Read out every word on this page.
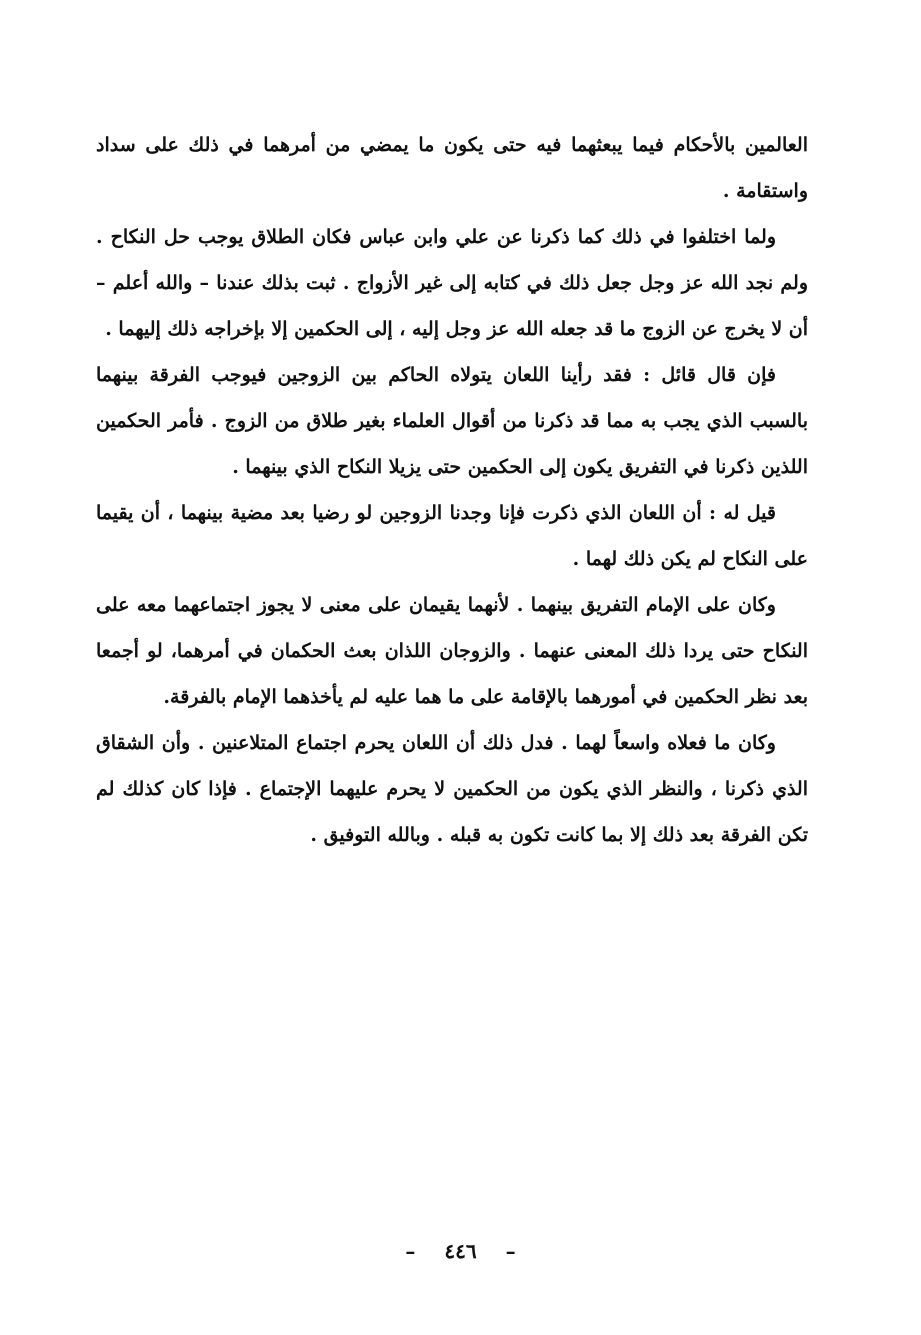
العالمين بالأحكام فيما يبعثهما فيه حتى يكون ما يمضي من أمرهما في ذلك على سداد واستقامة .

ولما اختلفوا في ذلك كما ذكرنا عن علي وابن عباس فكان الطلاق يوجب حل النكاح . ولم نجد الله عز وجل جعل ذلك في كتابه إلى غير الأزواج . ثبت بذلك عندنا – والله أعلم – أن لا يخرج عن الزوج ما قد جعله الله عز وجل إليه ، إلى الحكمين إلا بإخراجه ذلك إليهما .

فإن قال قائل : فقد رأينا اللعان يتولاه الحاكم بين الزوجين فيوجب الفرقة بينهما بالسبب الذي يجب به مما قد ذكرنا من أقوال العلماء بغير طلاق من الزوج . فأمر الحكمين اللذين ذكرنا في التفريق يكون إلى الحكمين حتى يزيلا النكاح الذي بينهما .

قيل له : أن اللعان الذي ذكرت فإنا وجدنا الزوجين لو رضيا بعد مضية بينهما ، أن يقيما على النكاح لم يكن ذلك لهما .

وكان على الإمام التفريق بينهما . لأنهما يقيمان على معنى لا يجوز اجتماعهما معه على النكاح حتى يردا ذلك المعنى عنهما . والزوجان اللذان بعث الحكمان في أمرهما، لو أجمعا بعد نظر الحكمين في أمورهما بالإقامة على ما هما عليه لم يأخذهما الإمام بالفرقة.

وكان ما فعلاه واسعاً لهما . فدل ذلك أن اللعان يحرم اجتماع المتلاعنين . وأن الشقاق الذي ذكرنا ، والنظر الذي يكون من الحكمين لا يحرم عليهما الإجتماع . فإذا كان كذلك لم تكن الفرقة بعد ذلك إلا بما كانت تكون به قبله . وبالله التوفيق .

– ٤٤٦ –
